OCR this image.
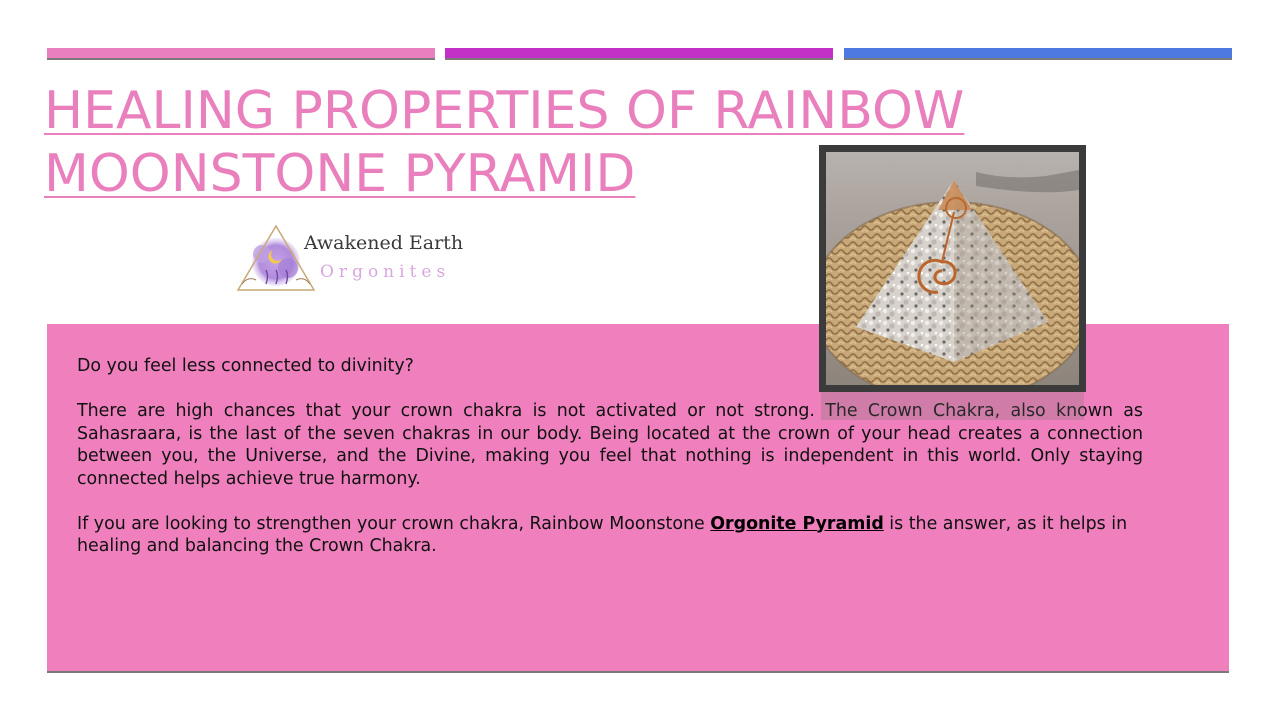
HEALING PROPERTIES OF RAINBOW
MOONSTONE PYRAMID
Awakened Earth
Orgonites

Do you feel less connected to divinity?

There are high chances that your crown chakra is not activated or not strong. The Crown Chakra, also known as Sahasraara, is the last of the seven chakras in our body. Being located at the crown of your head creates a connection between you, the Universe, and the Divine, making you feel that nothing is independent in this world. Only staying connected helps achieve true harmony.

If you are looking to strengthen your crown chakra, Rainbow Moonstone Orgonite Pyramid is the answer, as it helps in healing and balancing the Crown Chakra.
